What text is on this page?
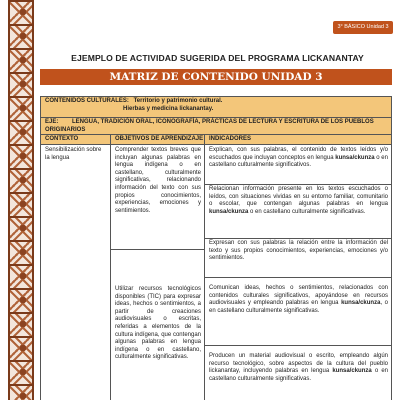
3° BÁSICO Unidad 3
EJEMPLO DE ACTIVIDAD SUGERIDA DEL PROGRAMA LICKANANTAY
MATRIZ DE CONTENIDO UNIDAD 3
CONTENIDOS CULTURALES: Territorio y patrimonio cultural.
Hierbas y medicina lickanantay.
EJE: LENGUA, TRADICIÓN ORAL, ICONOGRAFÍA, PRÁCTICAS DE LECTURA Y ESCRITURA DE LOS PUEBLOS ORIGINARIOS
CONTEXTO	OBJETIVOS DE APRENDIZAJE INDICADORES
Sensibilización sobre la lengua
Comprender textos breves que incluyan algunas palabras en lengua indígena o en castellano, culturalmente significativas, relacionando información del texto con sus propios conocimientos, experiencias, emociones y sentimientos.
Utilizar recursos tecnológicos disponibles (TIC) para expresar ideas, hechos o sentimientos, a partir de creaciones audiovisuales o escritas, referidas a elementos de la cultura indígena, que contengan algunas palabras en lengua indígena o en castellano, culturalmente significativas.
Explican, con sus palabras, el contenido de textos leídos y/o escuchados que incluyan conceptos en lengua kunsa/ckunza o en castellano culturalmente significativos.
Relacionan información presente en los textos escuchados o leídos, con situaciones vividas en su entorno familiar, comunitario o escolar, que contengan algunas palabras en lengua kunsa/ckunza o en castellano culturalmente significativas.
Expresan con sus palabras la relación entre la información del texto y sus propios conocimientos, experiencias, emociones y/o sentimientos.
Comunican ideas, hechos o sentimientos, relacionados con contenidos culturales significativos, apoyándose en recursos audiovisuales y empleando palabras en lengua kunsa/ckunza, o en castellano culturalmente significativas.
Producen un material audiovisual o escrito, empleando algún recurso tecnológico, sobre aspectos de la cultura del pueblo lickanantay, incluyendo palabras en lengua kunsa/ckunza o en castellano culturalmente significativas.
